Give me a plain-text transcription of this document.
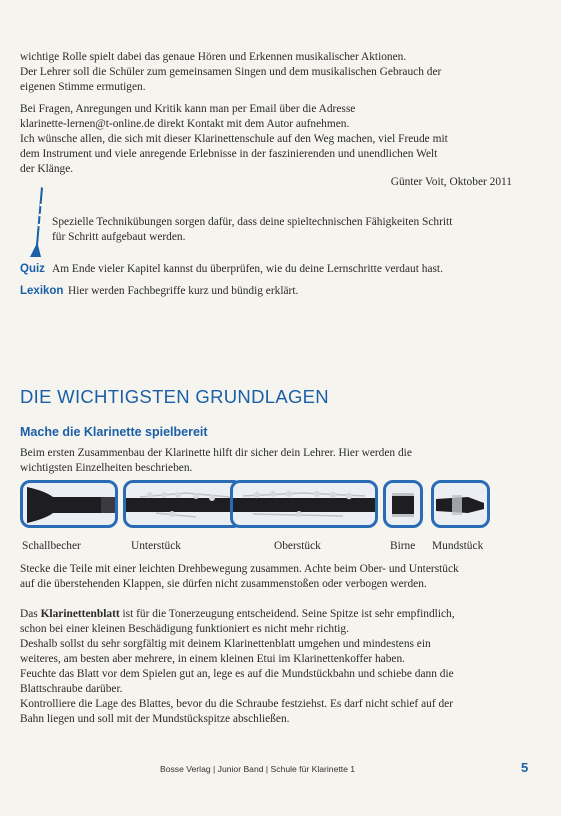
wichtige Rolle spielt dabei das genaue Hören und Erkennen musikalischer Aktionen.

Der Lehrer soll die Schüler zum gemeinsamen Singen und dem musikalischen Gebrauch der

eigenen Stimme ermutigen.

Bei Fragen, Anregungen und Kritik kann man per Email über die Adresse

klarinette-lernen@t-online.de direkt Kontakt mit dem Autor aufnehmen.

Ich wünsche allen, die sich mit dieser Klarinettenschule auf den Weg machen, viel Freude mit

dem Instrument und viele anregende Erlebnisse in der faszinierenden und unendlichen Welt

der Klänge.

Günter Voit, Oktober 2011

Spezielle Technikübungen sorgen dafür, dass deine spieltechnischen Fähigkeiten Schritt

für Schritt aufgebaut werden.

Quiz Am Ende vieler Kapitel kannst du überprüfen, wie du deine Lernschritte verdaut hast.
Lexikon Hier werden Fachbegriffe kurz und bündig erklärt.
DIE WICHTIGSTEN GRUNDLAGEN
Mache die Klarinette spielbereit

Beim ersten Zusammenbau der Klarinette hilft dir sicher dein Lehrer. Hier werden die

wichtigsten Einzelheiten beschrieben.

Schallbecher	Unterstück	Oberstück	Birne Mundstück

Stecke die Teile mit einer leichten Drehbewegung zusammen. Achte beim Ober- und Unterstück

auf die überstehenden Klappen, sie dürfen nicht zusammenstoßen oder verbogen werden.

Das Klarinettenblatt ist für die Tonerzeugung entscheidend. Seine Spitze ist sehr empfindlich,

schon bei einer kleinen Beschädigung funktioniert es nicht mehr richtig.

Deshalb sollst du sehr sorgfältig mit deinem Klarinettenblatt umgehen und mindestens ein

weiteres, am besten aber mehrere, in einem kleinen Etui im Klarinettenkoffer haben.

Feuchte das Blatt vor dem Spielen gut an, lege es auf die Mundstückbahn und schiebe dann die

Blattschraube darüber.

Kontrolliere die Lage des Blattes, bevor du die Schraube festziehst. Es darf nicht schief auf der

Bahn liegen und soll mit der Mundstückspitze abschließen.

Bosse Verlag | Junior Band | Schule für Klarinette 1	5
